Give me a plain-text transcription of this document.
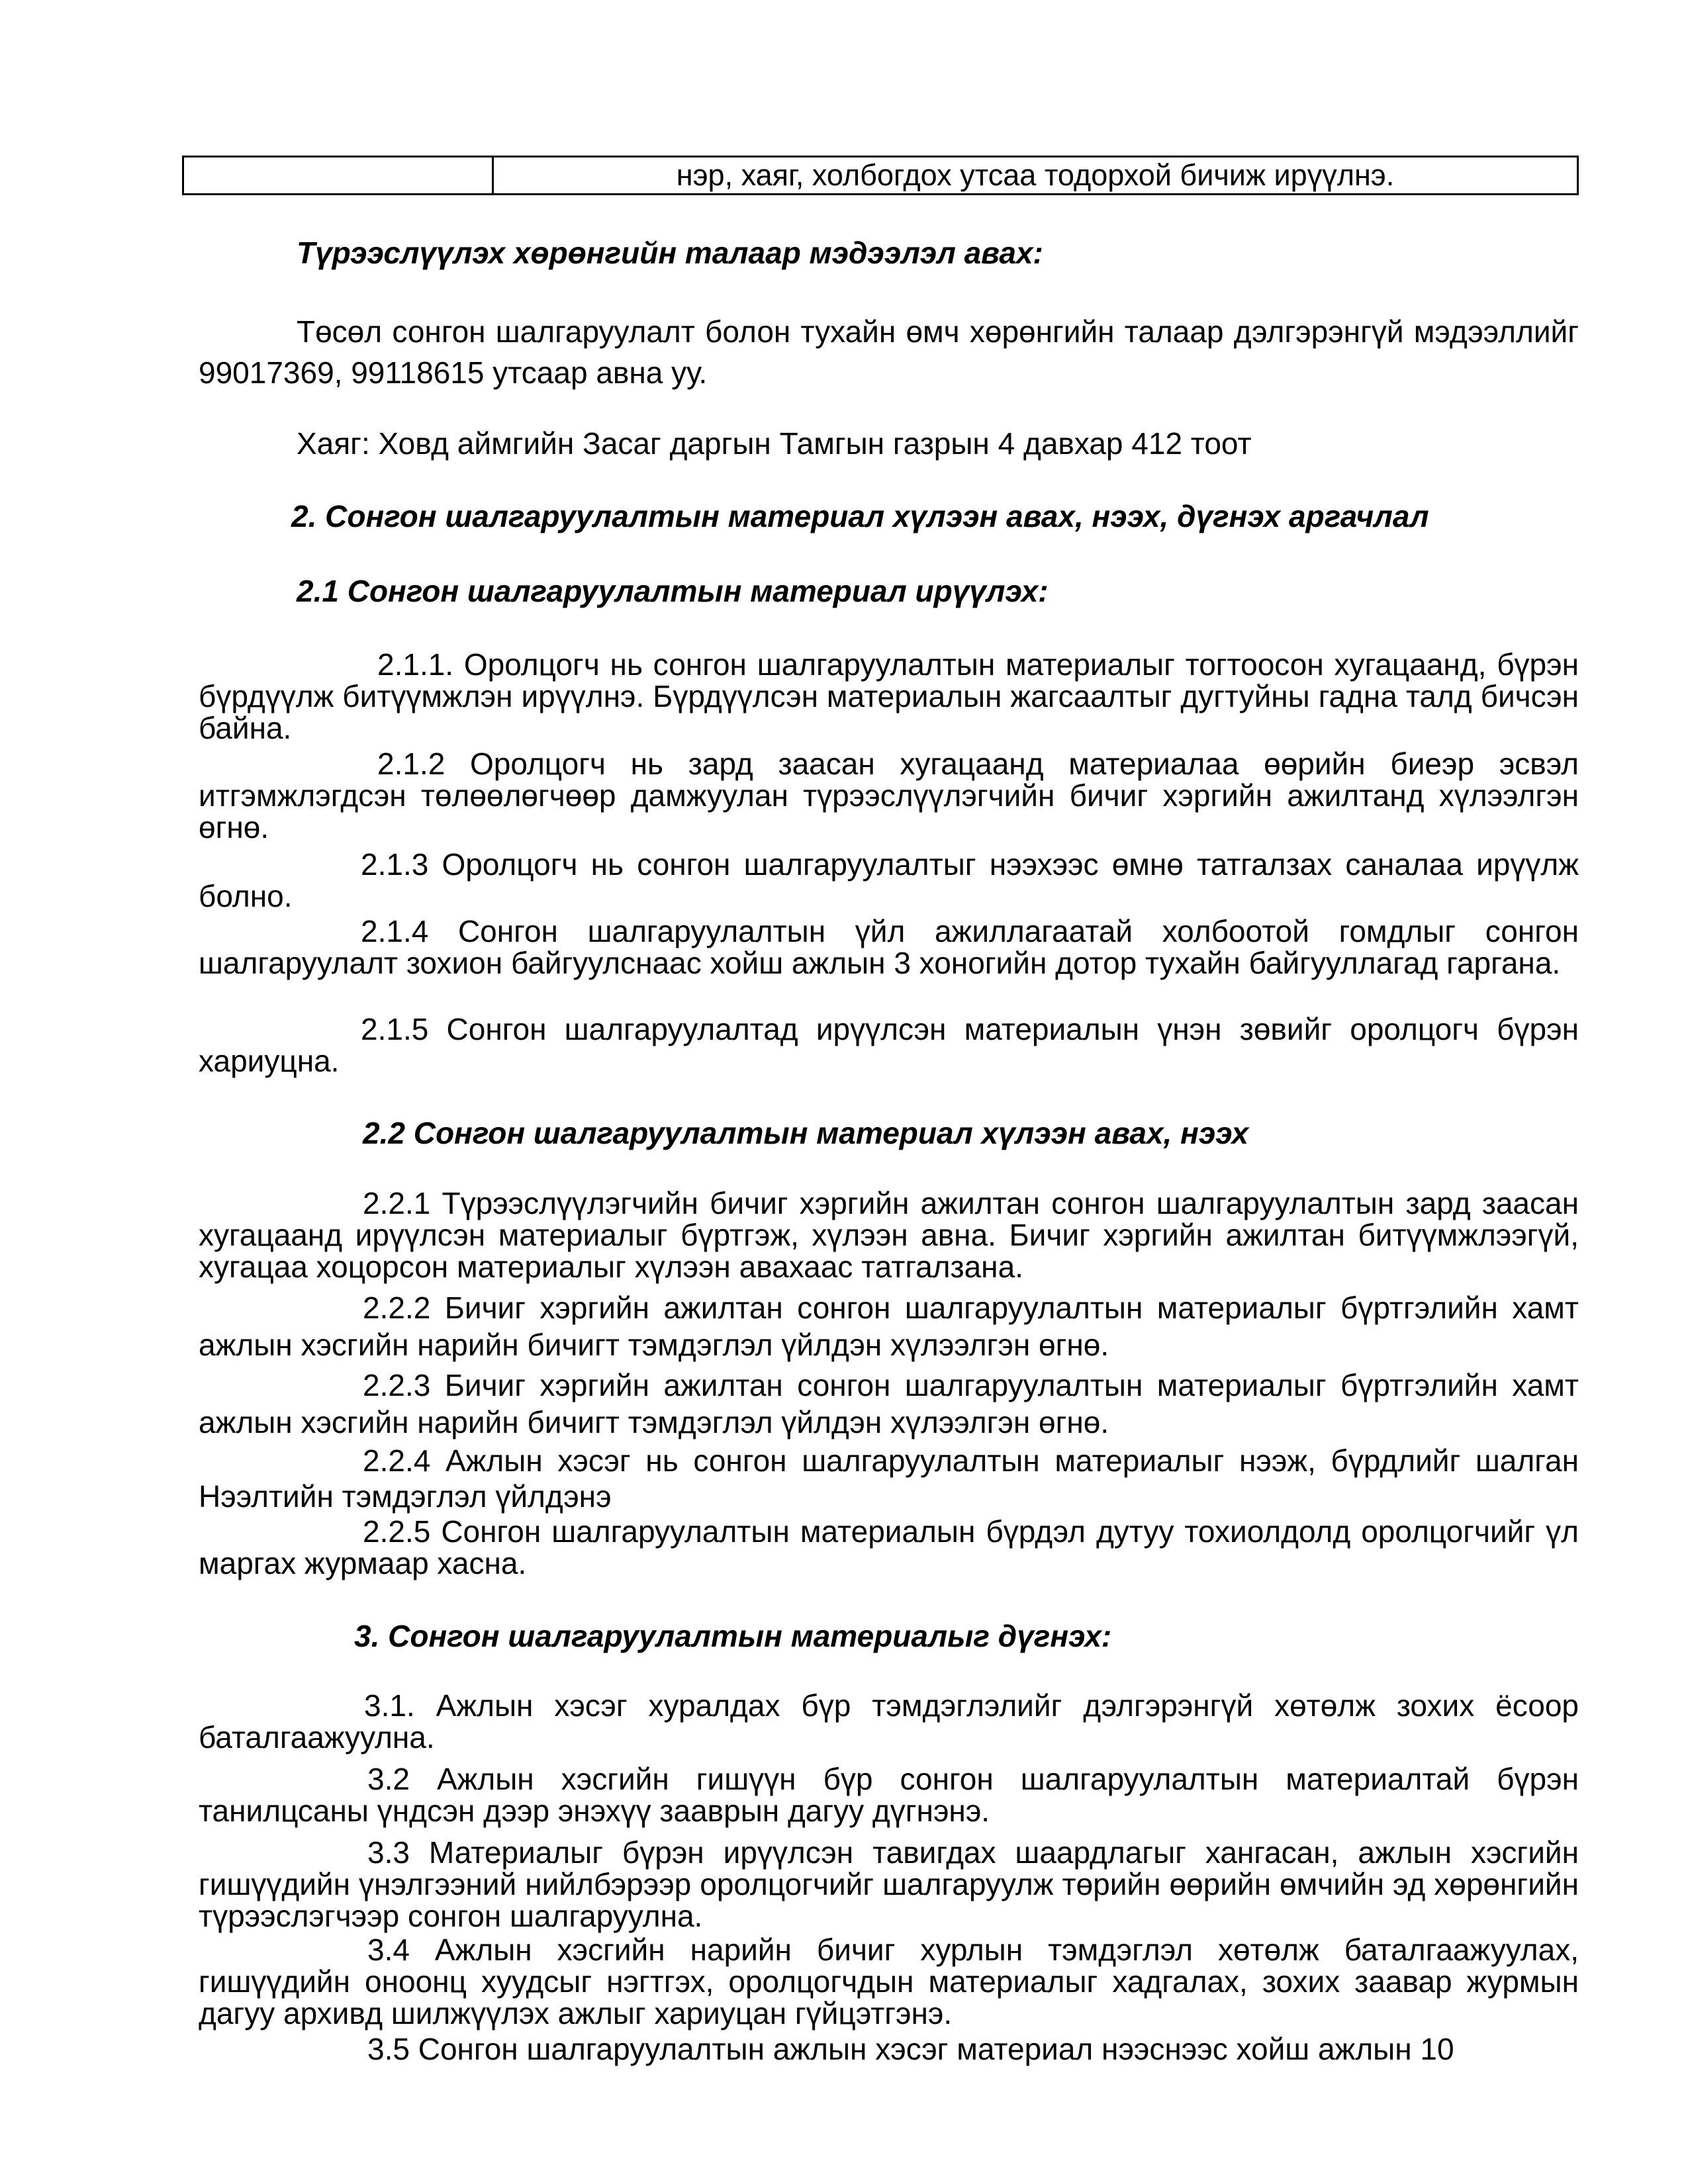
нэр, хаяг, холбогдох утсаа тодорхой бичиж ирүүлнэ.
Түрээслүүлэх хөрөнгийн талаар мэдээлэл авах:
Төсөл сонгон шалгаруулалт болон тухайн өмч хөрөнгийн талаар дэлгэрэнгүй мэдээллийг 99017369, 99118615 утсаар авна уу.
Хаяг: Ховд аймгийн Засаг даргын Тамгын газрын 4 давхар 412 тоот
2. Сонгон шалгаруулалтын материал хүлээн авах, нээх, дүгнэх аргачлал
2.1 Сонгон шалгаруулалтын материал ирүүлэх:
2.1.1. Оролцогч нь сонгон шалгаруулалтын материалыг тогтоосон хугацаанд, бүрэн бүрдүүлж битүүмжлэн ирүүлнэ. Бүрдүүлсэн материалын жагсаалтыг дугтуйны гадна талд бичсэн байна.
2.1.2 Оролцогч нь зард заасан хугацаанд материалаа өөрийн биеэр эсвэл итгэмжлэгдсэн төлөөлөгчөөр дамжуулан түрээслүүлэгчийн бичиг хэргийн ажилтанд хүлээлгэн өгнө.
2.1.3 Оролцогч нь сонгон шалгаруулалтыг нээхээс өмнө татгалзах саналаа ирүүлж болно.
2.1.4 Сонгон шалгаруулалтын үйл ажиллагаатай холбоотой гомдлыг сонгон шалгаруулалт зохион байгуулснаас хойш ажлын 3 хоногийн дотор тухайн байгууллагад гаргана.
2.1.5 Сонгон шалгаруулалтад ирүүлсэн материалын үнэн зөвийг оролцогч бүрэн хариуцна.
2.2 Сонгон шалгаруулалтын материал хүлээн авах, нээх
2.2.1 Түрээслүүлэгчийн бичиг хэргийн ажилтан сонгон шалгаруулалтын зард заасан хугацаанд ирүүлсэн материалыг бүртгэж, хүлээн авна. Бичиг хэргийн ажилтан битүүмжлээгүй, хугацаа хоцорсон материалыг хүлээн авахаас татгалзана.
2.2.2 Бичиг хэргийн ажилтан сонгон шалгаруулалтын материалыг бүртгэлийн хамт ажлын хэсгийн нарийн бичигт тэмдэглэл үйлдэн хүлээлгэн өгнө.
2.2.3 Бичиг хэргийн ажилтан сонгон шалгаруулалтын материалыг бүртгэлийн хамт ажлын хэсгийн нарийн бичигт тэмдэглэл үйлдэн хүлээлгэн өгнө.
2.2.4 Ажлын хэсэг нь сонгон шалгаруулалтын материалыг нээж, бүрдлийг шалган Нээлтийн тэмдэглэл үйлдэнэ
2.2.5 Сонгон шалгаруулалтын материалын бүрдэл дутуу тохиолдолд оролцогчийг үл маргах журмаар хасна.
3. Сонгон шалгаруулалтын материалыг дүгнэх:
3.1. Ажлын хэсэг хуралдах бүр тэмдэглэлийг дэлгэрэнгүй хөтөлж зохих ёсоор баталгаажуулна.
3.2 Ажлын хэсгийн гишүүн бүр сонгон шалгаруулалтын материалтай бүрэн танилцсаны үндсэн дээр энэхүү зааврын дагуу дүгнэнэ.
3.3 Материалыг бүрэн ирүүлсэн тавигдах шаардлагыг хангасан, ажлын хэсгийн гишүүдийн үнэлгээний нийлбэрээр оролцогчийг шалгаруулж төрийн өөрийн өмчийн эд хөрөнгийн түрээслэгчээр сонгон шалгаруулна.
3.4 Ажлын хэсгийн нарийн бичиг хурлын тэмдэглэл хөтөлж баталгаажуулах, гишүүдийн оноонц хуудсыг нэгтгэх, оролцогчдын материалыг хадгалах, зохих заавар журмын дагуу архивд шилжүүлэх ажлыг хариуцан гүйцэтгэнэ.
3.5 Сонгон шалгаруулалтын ажлын хэсэг материал нээснээс хойш ажлын 10
